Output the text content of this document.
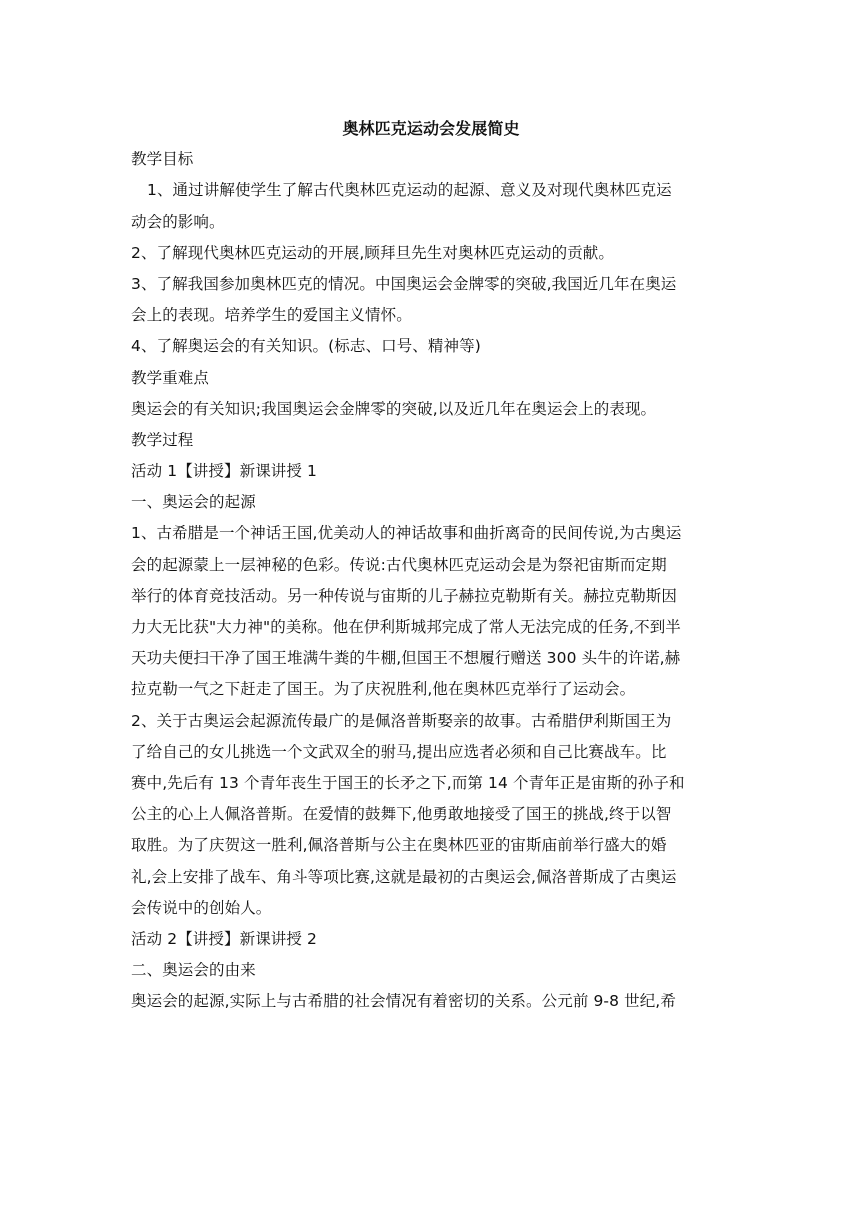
奥林匹克运动会发展简史
教学目标
1、通过讲解使学生了解古代奥林匹克运动的起源、意义及对现代奥林匹克运
动会的影响。
2、了解现代奥林匹克运动的开展,顾拜旦先生对奥林匹克运动的贡献。
3、了解我国参加奥林匹克的情况。中国奥运会金牌零的突破,我国近几年在奥运
会上的表现。培养学生的爱国主义情怀。
4、了解奥运会的有关知识。(标志、口号、精神等)
教学重难点
奥运会的有关知识;我国奥运会金牌零的突破,以及近几年在奥运会上的表现。
教学过程
活动 1【讲授】新课讲授 1
一、奥运会的起源
1、古希腊是一个神话王国,优美动人的神话故事和曲折离奇的民间传说,为古奥运
会的起源蒙上一层神秘的色彩。传说:古代奥林匹克运动会是为祭祀宙斯而定期
举行的体育竞技活动。另一种传说与宙斯的儿子赫拉克勒斯有关。赫拉克勒斯因
力大无比获"大力神"的美称。他在伊利斯城邦完成了常人无法完成的任务,不到半
天功夫便扫干净了国王堆满牛粪的牛棚,但国王不想履行赠送 300 头牛的许诺,赫
拉克勒一气之下赶走了国王。为了庆祝胜利,他在奥林匹克举行了运动会。
2、关于古奥运会起源流传最广的是佩洛普斯娶亲的故事。古希腊伊利斯国王为
了给自己的女儿挑选一个文武双全的驸马,提出应选者必须和自己比赛战车。比
赛中,先后有 13 个青年丧生于国王的长矛之下,而第 14 个青年正是宙斯的孙子和
公主的心上人佩洛普斯。在爱情的鼓舞下,他勇敢地接受了国王的挑战,终于以智
取胜。为了庆贺这一胜利,佩洛普斯与公主在奥林匹亚的宙斯庙前举行盛大的婚
礼,会上安排了战车、角斗等项比赛,这就是最初的古奥运会,佩洛普斯成了古奥运
会传说中的创始人。
活动 2【讲授】新课讲授 2
二、奥运会的由来
奥运会的起源,实际上与古希腊的社会情况有着密切的关系。公元前 9-8 世纪,希
